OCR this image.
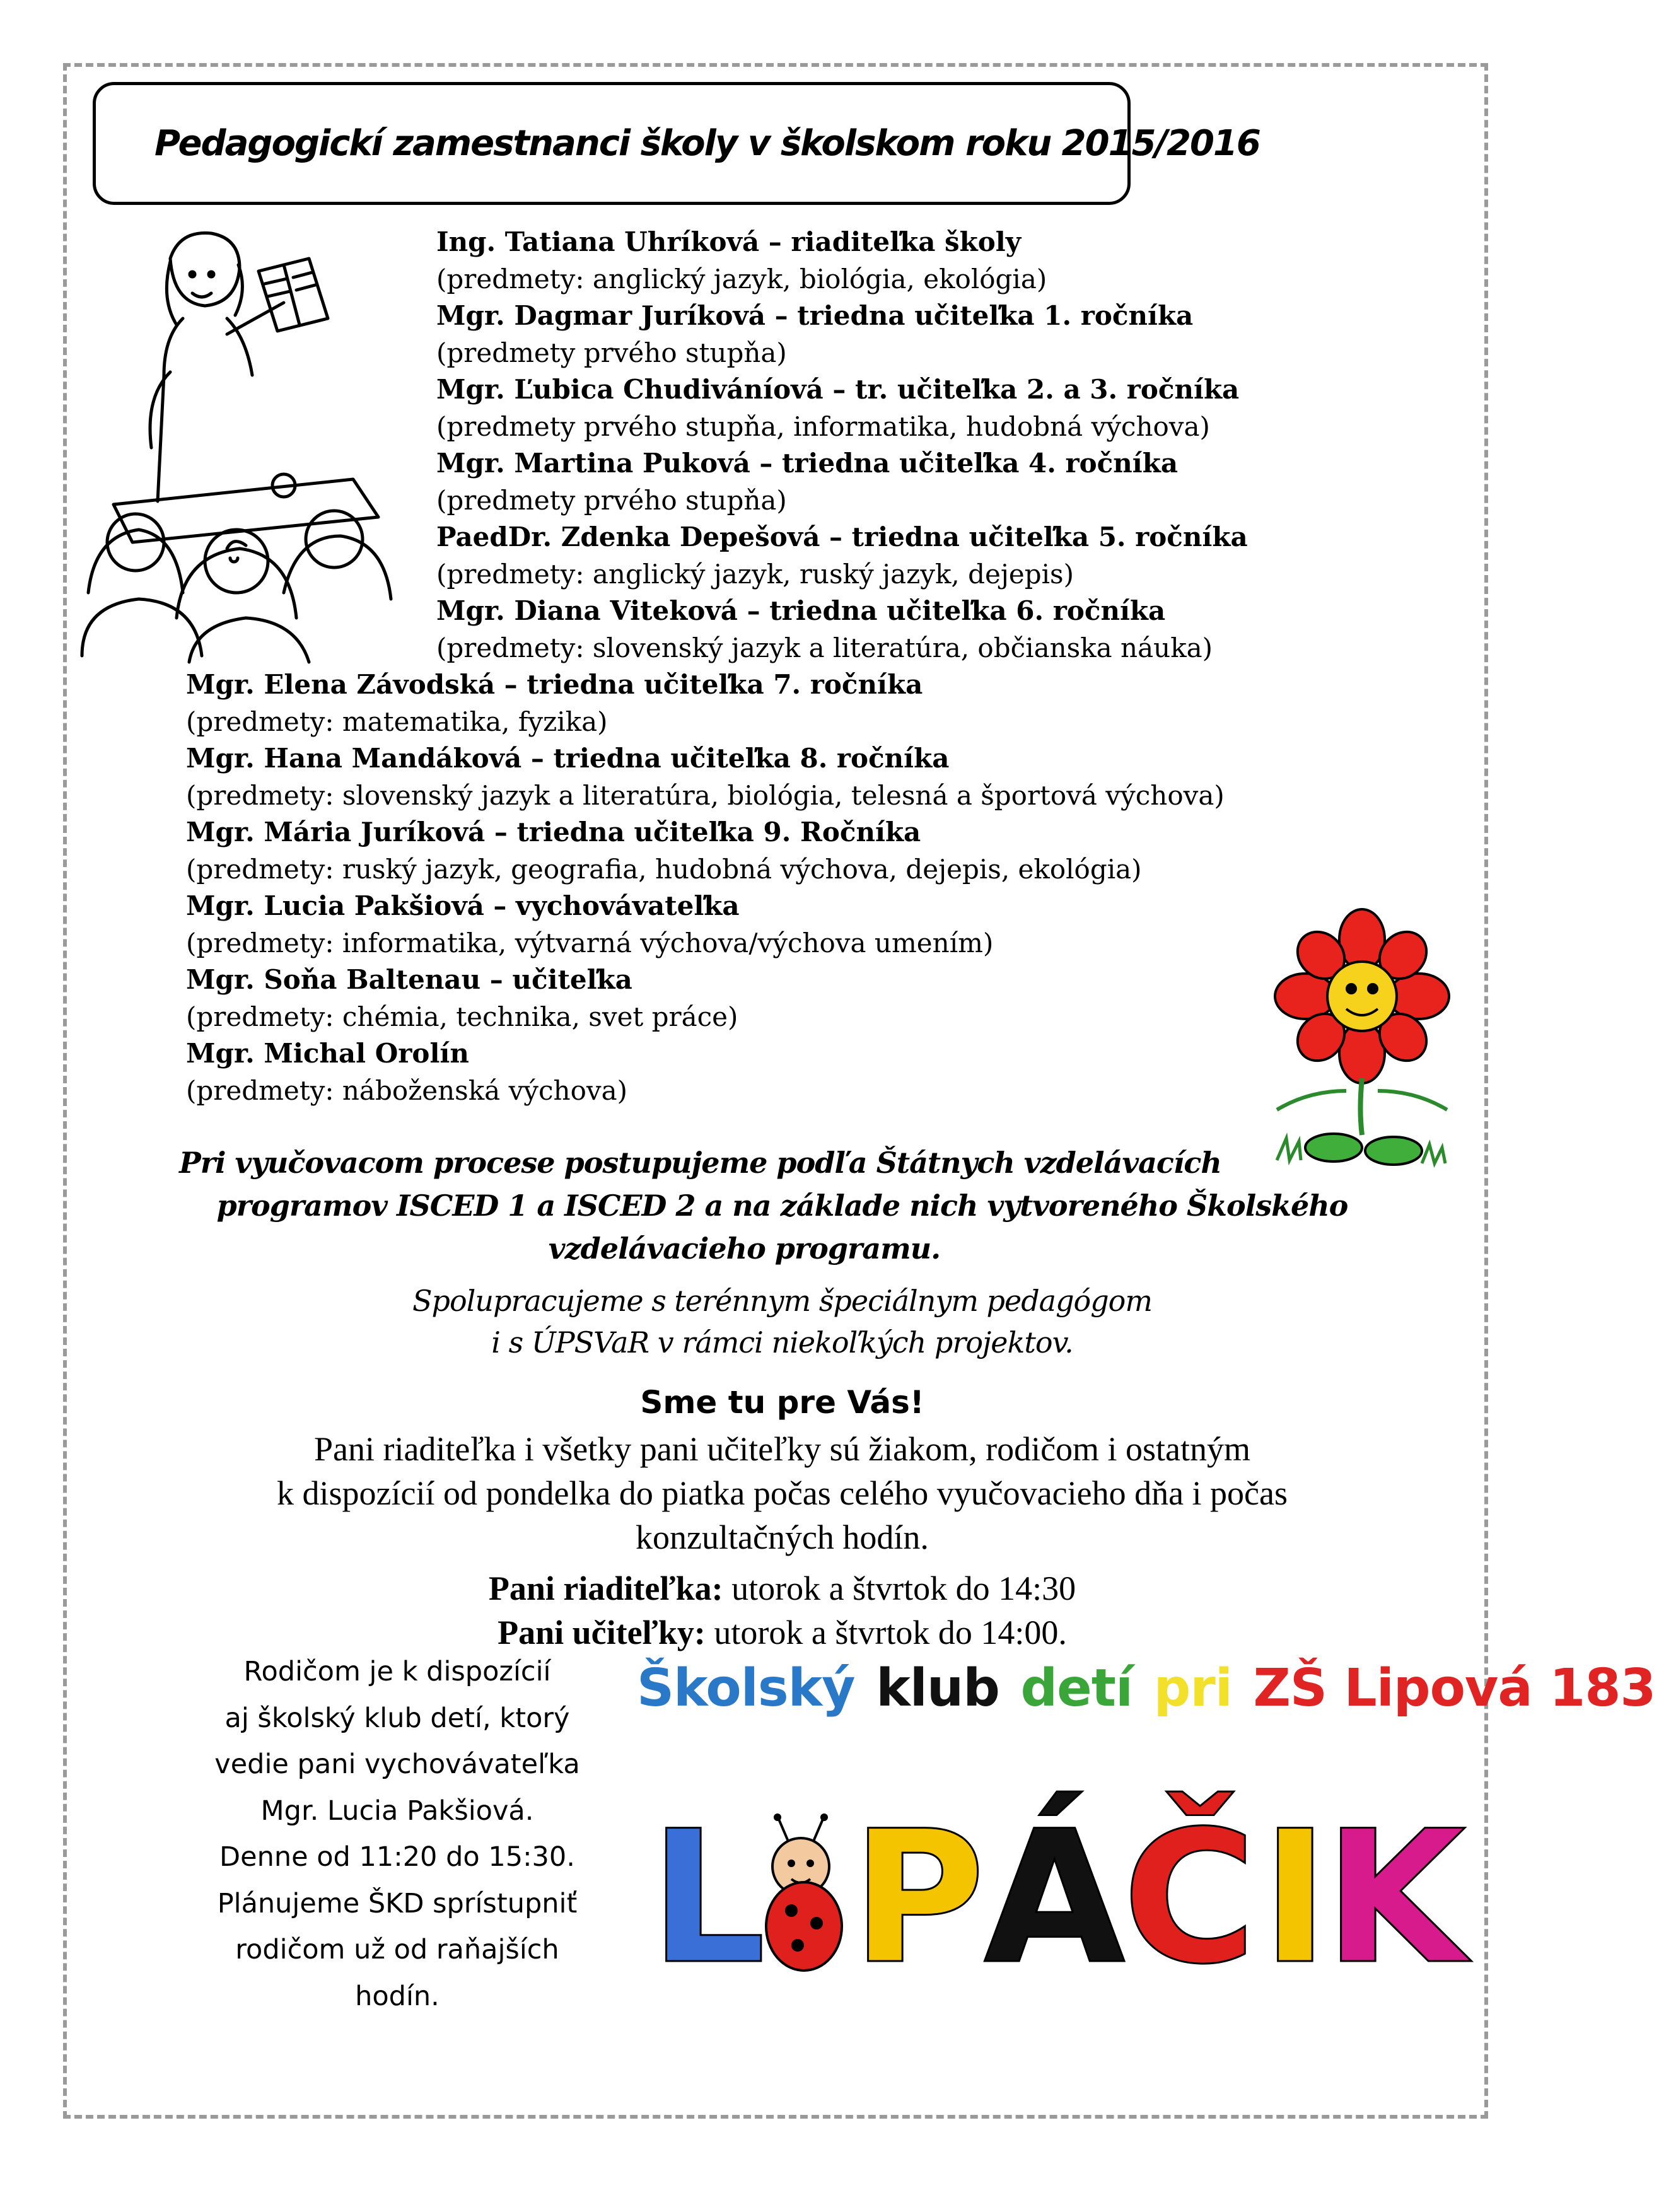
Pedagogickí zamestnanci školy v školskom roku 2015/2016
Ing. Tatiana Uhríková – riaditeľka školy
(predmety: anglický jazyk, biológia, ekológia)
Mgr. Dagmar Juríková – triedna učiteľka 1. ročníka
(predmety prvého stupňa)
Mgr. Ľubica Chudiváníová – tr. učiteľka 2. a 3. ročníka
(predmety prvého stupňa, informatika, hudobná výchova)
Mgr. Martina Puková – triedna učiteľka 4. ročníka
(predmety prvého stupňa)
PaedDr. Zdenka Depešová – triedna učiteľka 5. ročníka
(predmety: anglický jazyk, ruský jazyk, dejepis)
Mgr. Diana Viteková – triedna učiteľka 6. ročníka
(predmety: slovenský jazyk a literatúra, občianska náuka)
Mgr. Elena Závodská – triedna učiteľka 7. ročníka
(predmety: matematika, fyzika)
Mgr. Hana Mandáková – triedna učiteľka 8. ročníka
(predmety: slovenský jazyk a literatúra, biológia, telesná a športová výchova)
Mgr. Mária Juríková – triedna učiteľka 9. Ročníka
(predmety: ruský jazyk, geografia, hudobná výchova, dejepis, ekológia)
Mgr. Lucia Pakšiová – vychovávateľka
(predmety: informatika, výtvarná výchova/výchova umením)
Mgr. Soňa Baltenau – učiteľka
(predmety: chémia, technika, svet práce)
Mgr. Michal Orolín
(predmety: náboženská výchova)
Pri vyučovacom procese postupujeme podľa Štátnych vzdelávacích
programov ISCED 1 a ISCED 2 a na základe nich vytvoreného Školského
vzdelávacieho programu.
Spolupracujeme s terénnym špeciálnym pedagógom
i s ÚPSVaR v rámci niekoľkých projektov.
Sme tu pre Vás!
Pani riaditeľka i všetky pani učiteľky sú žiakom, rodičom i ostatným
k dispozícií od pondelka do piatka počas celého vyučovacieho dňa i počas
konzultačných hodín.
Pani riaditeľka: utorok a štvrtok do 14:30
Pani učiteľky: utorok a štvrtok do 14:00.
Rodičom je k dispozícií
aj školský klub detí, ktorý
vedie pani vychovávateľka
Mgr. Lucia Pakšiová.
Denne od 11:20 do 15:30.
Plánujeme ŠKD sprístupniť
rodičom už od raňajších
hodín.
Školský klub detí pri ZŠ Lipová 183
L P
Á
Č I
K
